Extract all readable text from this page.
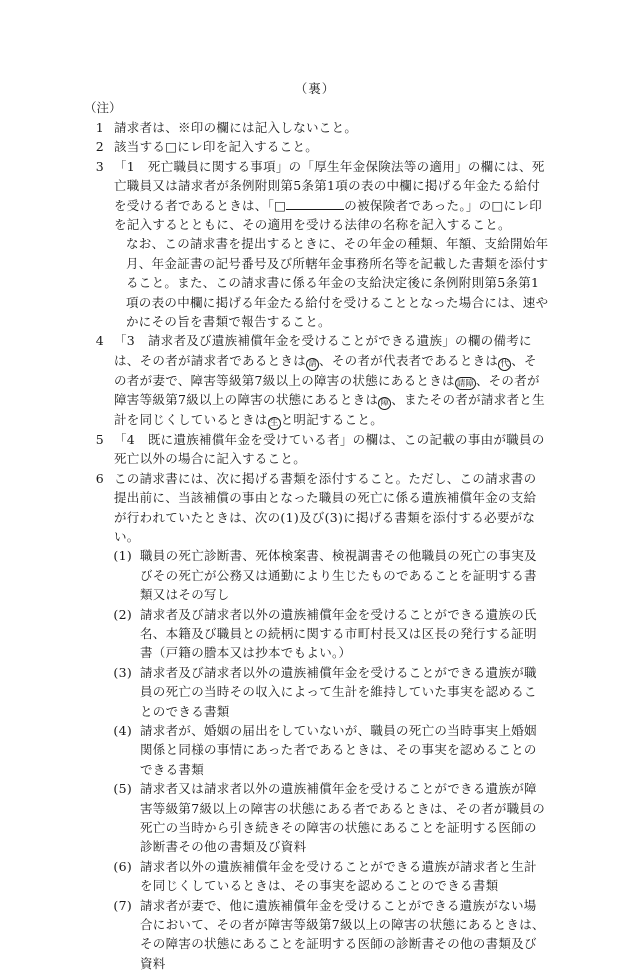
（裏）
（注）
1 請求者は、※印の欄には記入しないこと。
2 該当する□にレ印を記入すること。
3 「1　死亡職員に関する事項」の「厚生年金保険法等の適用」の欄には、死亡職員又は請求者が条例附則第5条第1項の表の中欄に掲げる年金たる給付を受ける者であるときは、「□	の被保険者であった。」の□にレ印を記入するとともに、その適用を受ける法律の名称を記入すること。

なお、この請求書を提出するときに、その年金の種類、年額、支給開始年月、年金証書の記号番号及び所轄年金事務所名等を記載した書類を添付すること。また、この請求書に係る年金の支給決定後に条例附則第5条第1項の表の中欄に掲げる年金たる給付を受けることとなった場合には、速やかにその旨を書類で報告すること。

4 「3　請求者及び遺族補償年金を受けることができる遺族」の欄の備考には、その者が請求者であるときは 請 、その者が代表者であるときは 代 、その者が妻で、障害等級第7級以上の障害の状態にあるときは 請障 、その者が障害等級第7級以上の障害の状態にあるときは 障 、またその者が請求者と生計を同じくしているときは 生 と明記すること。
5 「4　既に遺族補償年金を受けている者」の欄は、この記載の事由が職員の死亡以外の場合に記入すること。
6 この請求書には、次に掲げる書類を添付すること。ただし、この請求書の提出前に、当該補償の事由となった職員の死亡に係る遺族補償年金の支給が行われていたときは、次の(1)及び(3)に掲げる書類を添付する必要がない。
(1) 職員の死亡診断書、死体検案書、検視調書その他職員の死亡の事実及びその死亡が公務又は通勤により生じたものであることを証明する書類又はその写し
(2) 請求者及び請求者以外の遺族補償年金を受けることができる遺族の氏名、本籍及び職員との続柄に関する市町村長又は区長の発行する証明書（戸籍の謄本又は抄本でもよい。）
(3) 請求者及び請求者以外の遺族補償年金を受けることができる遺族が職員の死亡の当時その収入によって生計を維持していた事実を認めることのできる書類
(4) 請求者が、婚姻の届出をしていないが、職員の死亡の当時事実上婚姻関係と同様の事情にあった者であるときは、その事実を認めることのできる書類
(5) 請求者又は請求者以外の遺族補償年金を受けることができる遺族が障害等級第7級以上の障害の状態にある者であるときは、その者が職員の死亡の当時から引き続きその障害の状態にあることを証明する医師の診断書その他の書類及び資料
(6) 請求者以外の遺族補償年金を受けることができる遺族が請求者と生計を同じくしているときは、その事実を認めることのできる書類
(7) 請求者が妻で、他に遺族補償年金を受けることができる遺族がない場合において、その者が障害等級第7級以上の障害の状態にあるときは、その障害の状態にあることを証明する医師の診断書その他の書類及び資料
